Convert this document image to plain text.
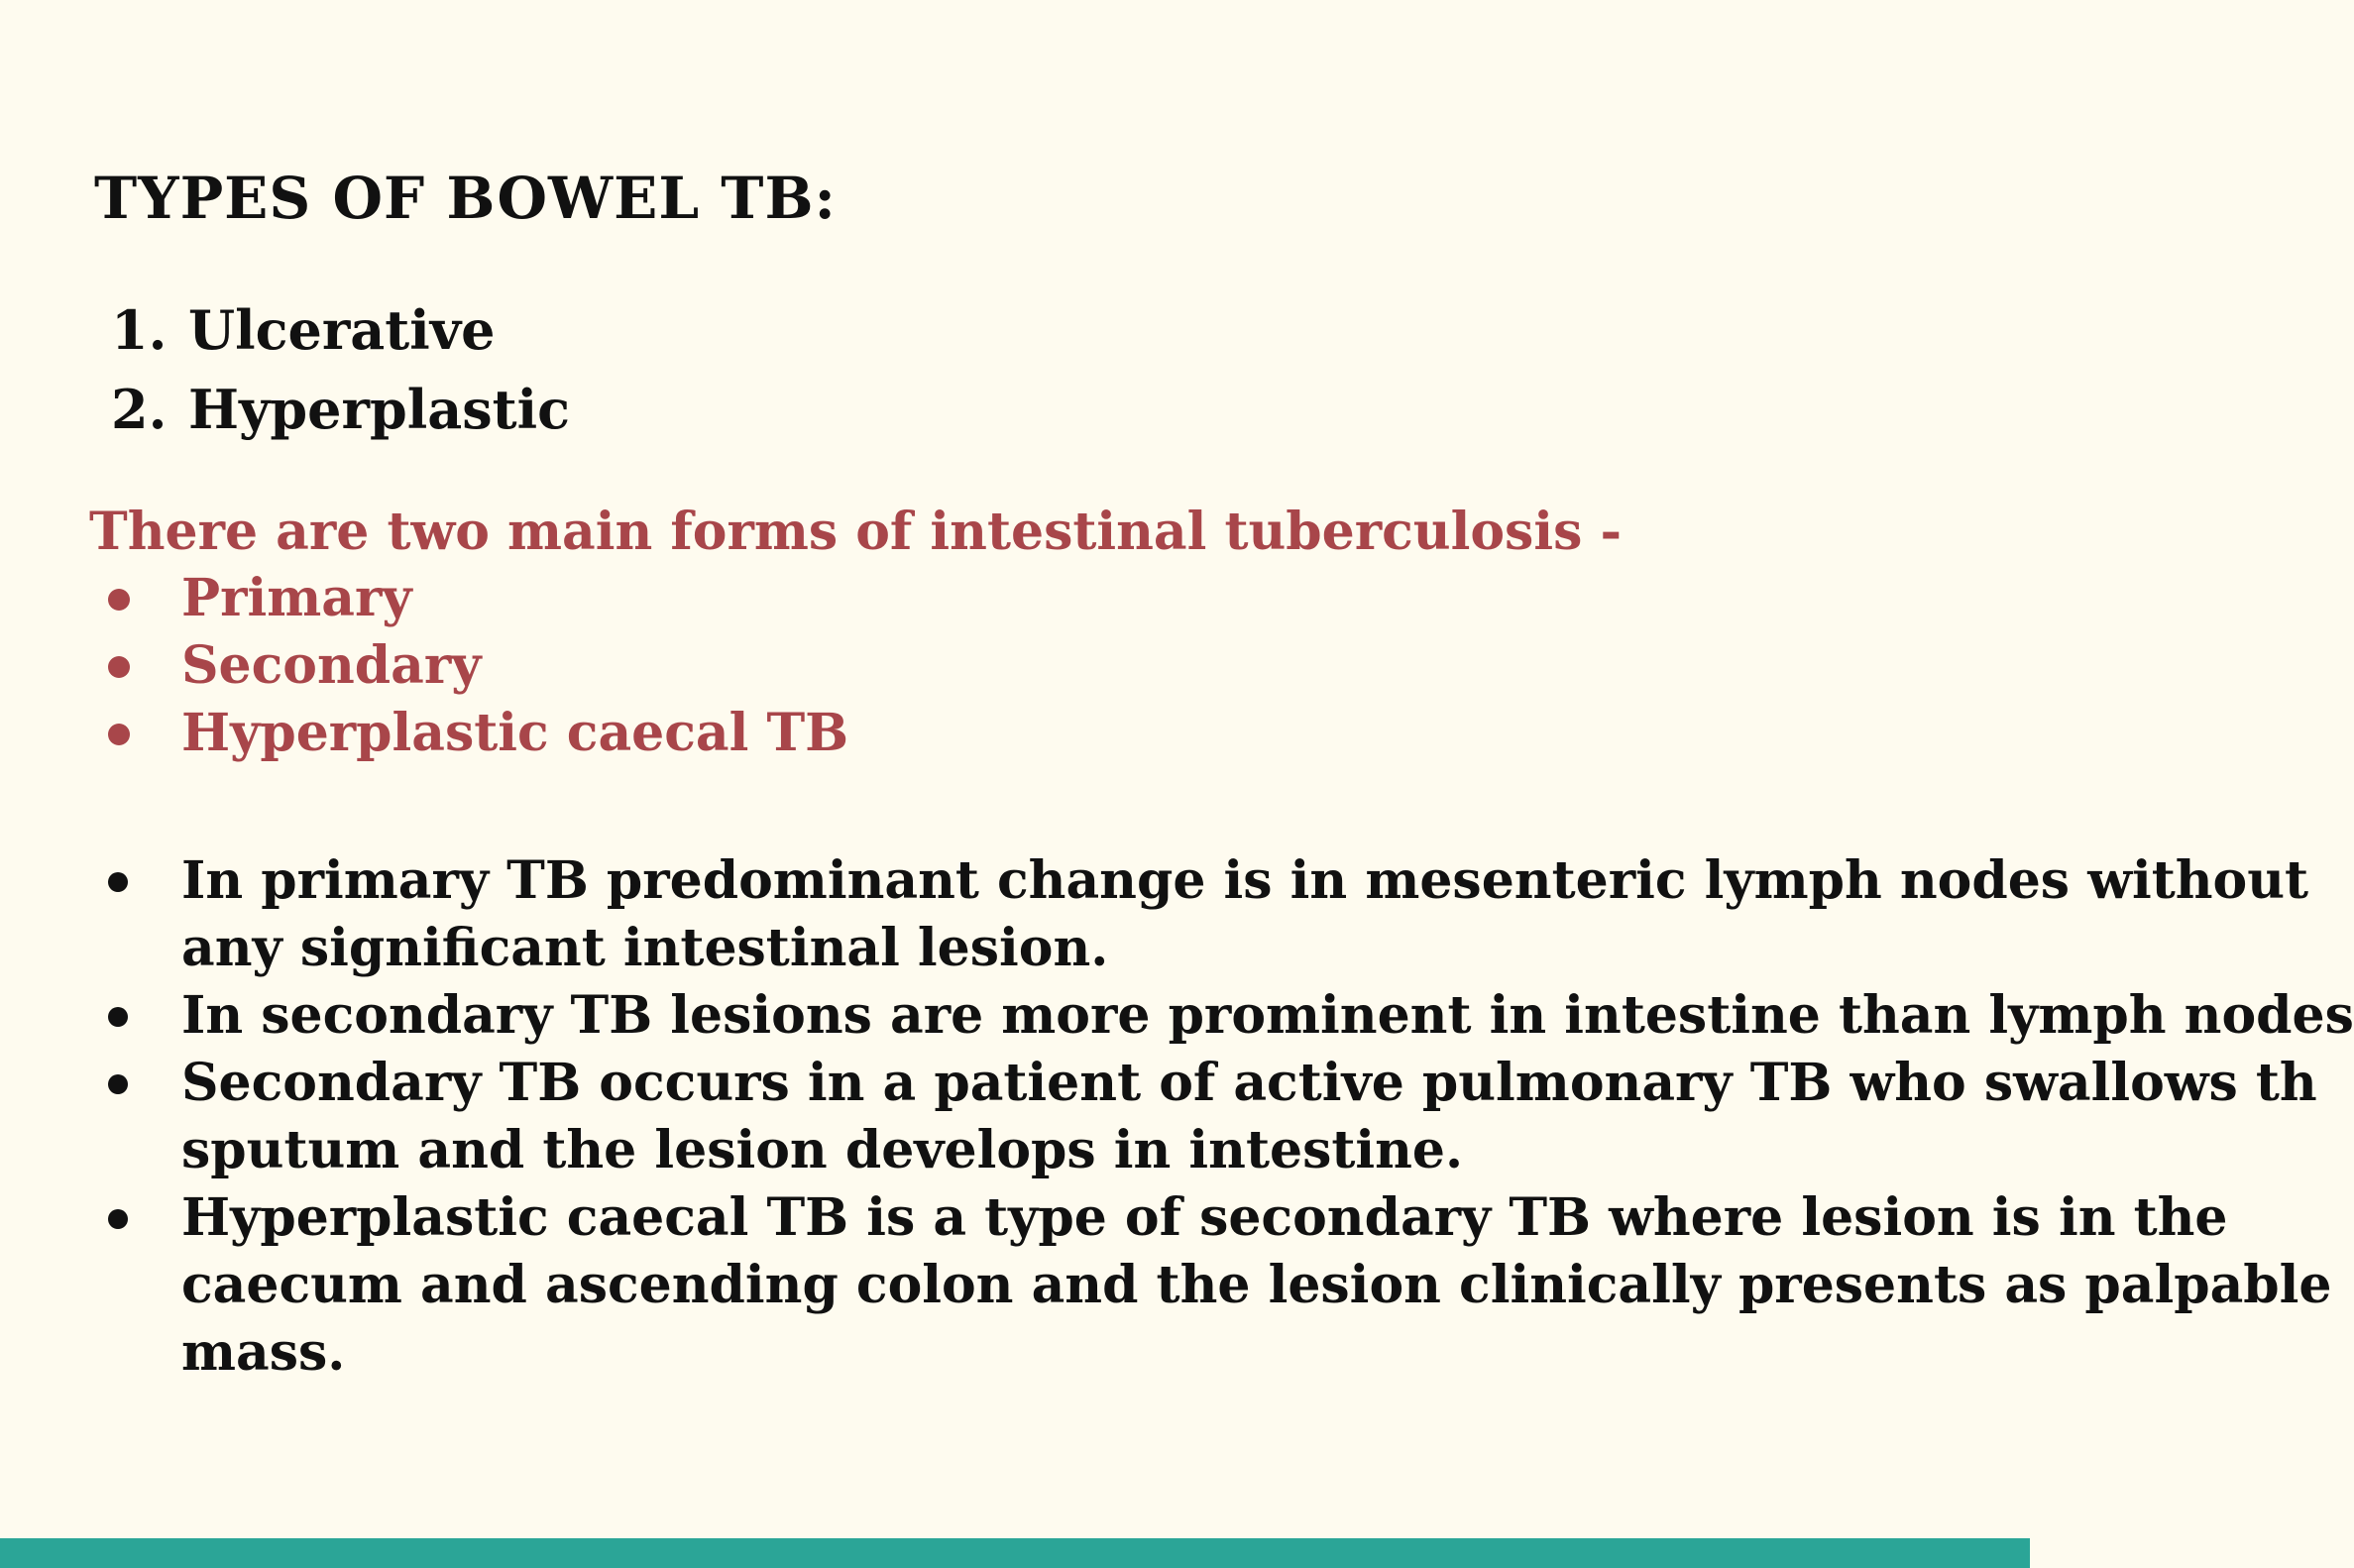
TYPES OF BOWEL TB:
1. Ulcerative
2. Hyperplastic
There are two main forms of intestinal tuberculosis -
Primary
Secondary
Hyperplastic caecal TB
In primary TB predominant change is in mesenteric lymph nodes without
any significant intestinal lesion.
In secondary TB lesions are more prominent in intestine than lymph nodes
Secondary TB occurs in a patient of active pulmonary TB who swallows th
sputum and the lesion develops in intestine.
Hyperplastic caecal TB is a type of secondary TB where lesion is in the
caecum and ascending colon and the lesion clinically presents as palpable
mass.
